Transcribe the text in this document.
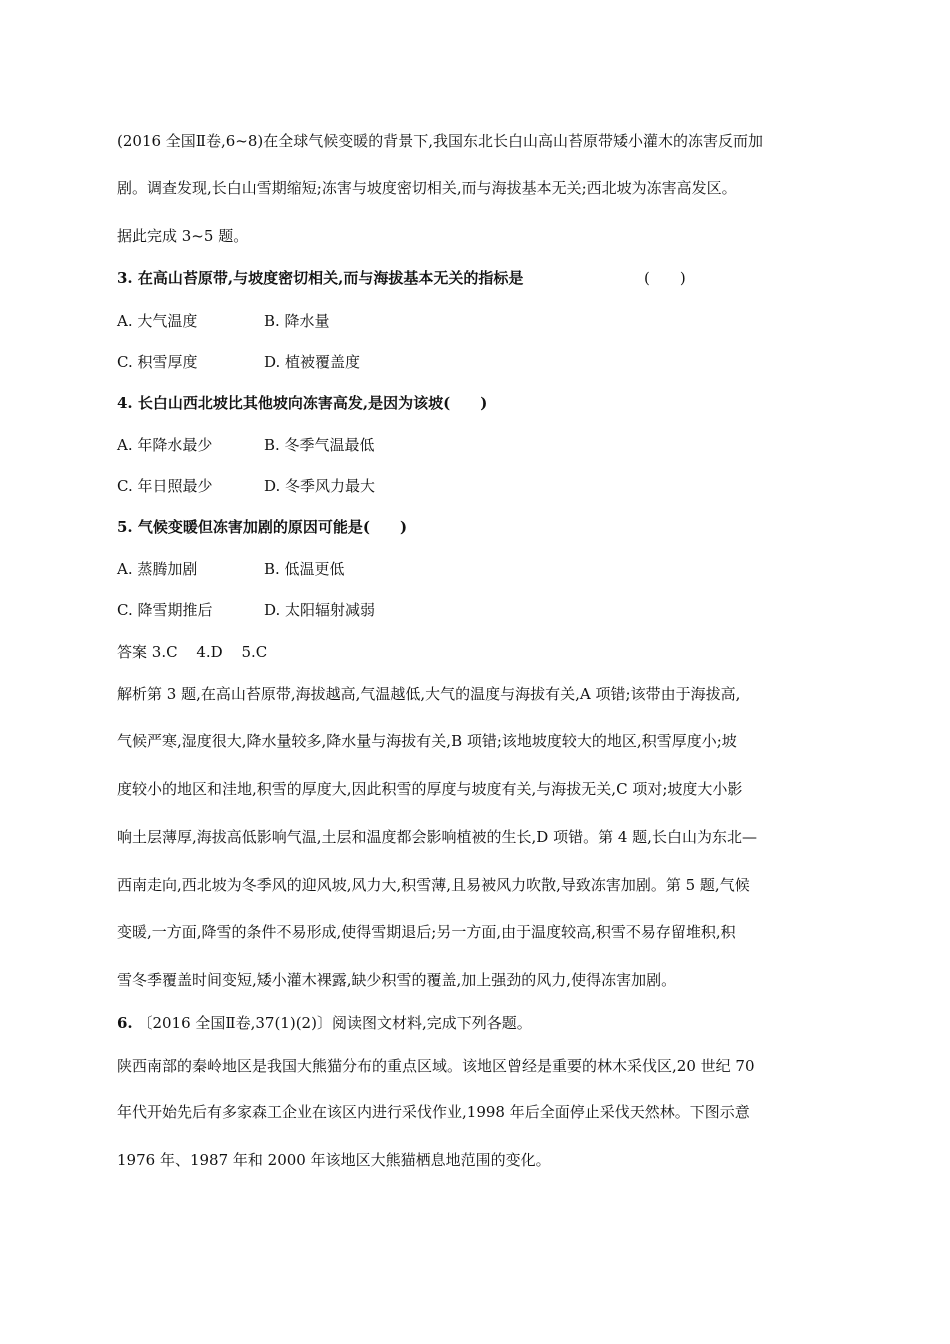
(2016 全国Ⅱ卷,6~8)在全球气候变暖的背景下,我国东北长白山高山苔原带矮小灌木的冻害反而加
剧。调查发现,长白山雪期缩短;冻害与坡度密切相关,而与海拔基本无关;西北坡为冻害高发区。
据此完成 3~5 题。
3. 在高山苔原带,与坡度密切相关,而与海拔基本无关的指标是	(　　)
A. 大气温度	B. 降水量
C. 积雪厚度	D. 植被覆盖度
4. 长白山西北坡比其他坡向冻害高发,是因为该坡(　　)
A. 年降水最少	B. 冬季气温最低
C. 年日照最少	D. 冬季风力最大
5. 气候变暖但冻害加剧的原因可能是(　　)
A. 蒸腾加剧	B. 低温更低
C. 降雪期推后	D. 太阳辐射减弱
答案 3.C 4.D 5.C
解析第 3 题,在高山苔原带,海拔越高,气温越低,大气的温度与海拔有关,A 项错;该带由于海拔高,
气候严寒,湿度很大,降水量较多,降水量与海拔有关,B 项错;该地坡度较大的地区,积雪厚度小;坡
度较小的地区和洼地,积雪的厚度大,因此积雪的厚度与坡度有关,与海拔无关,C 项对;坡度大小影
响土层薄厚,海拔高低影响气温,土层和温度都会影响植被的生长,D 项错。第 4 题,长白山为东北—
西南走向,西北坡为冬季风的迎风坡,风力大,积雪薄,且易被风力吹散,导致冻害加剧。第 5 题,气候
变暖,一方面,降雪的条件不易形成,使得雪期退后;另一方面,由于温度较高,积雪不易存留堆积,积
雪冬季覆盖时间变短,矮小灌木裸露,缺少积雪的覆盖,加上强劲的风力,使得冻害加剧。
6. 〔2016 全国Ⅱ卷,37(1)(2)〕阅读图文材料,完成下列各题。
陕西南部的秦岭地区是我国大熊猫分布的重点区域。该地区曾经是重要的林木采伐区,20 世纪 70
年代开始先后有多家森工企业在该区内进行采伐作业,1998 年后全面停止采伐天然林。下图示意
1976 年、1987 年和 2000 年该地区大熊猫栖息地范围的变化。
